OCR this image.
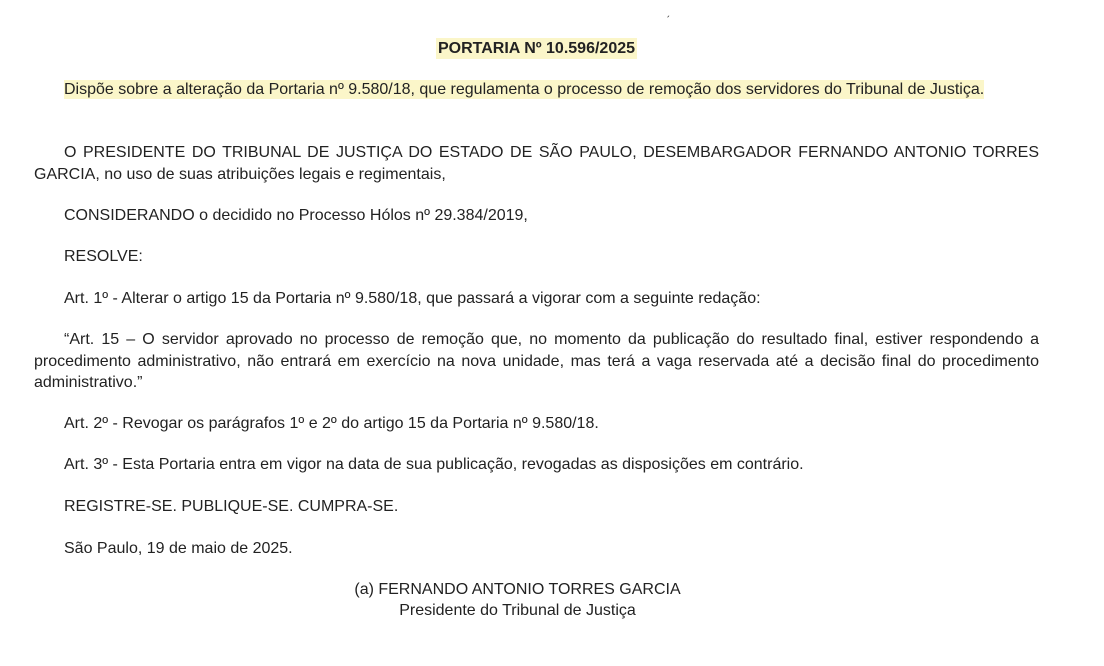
ˏ
PORTARIA Nº 10.596/2025

Dispõe sobre a alteração da Portaria nº 9.580/18, que regulamenta o processo de remoção dos servidores do Tribunal de Justiça.

O PRESIDENTE DO TRIBUNAL DE JUSTIÇA DO ESTADO DE SÃO PAULO, DESEMBARGADOR FERNANDO ANTONIO TORRES GARCIA, no uso de suas atribuições legais e regimentais,

CONSIDERANDO o decidido no Processo Hólos nº 29.384/2019,

RESOLVE:

Art. 1º - Alterar o artigo 15 da Portaria nº 9.580/18, que passará a vigorar com a seguinte redação:

“Art. 15 – O servidor aprovado no processo de remoção que, no momento da publicação do resultado final, estiver respondendo a procedimento administrativo, não entrará em exercício na nova unidade, mas terá a vaga reservada até a decisão final do procedimento administrativo.”

Art. 2º - Revogar os parágrafos 1º e 2º do artigo 15 da Portaria nº 9.580/18.

Art. 3º - Esta Portaria entra em vigor na data de sua publicação, revogadas as disposições em contrário.

REGISTRE-SE. PUBLIQUE-SE. CUMPRA-SE.

São Paulo, 19 de maio de 2025.

(a) FERNANDO ANTONIO TORRES GARCIA
Presidente do Tribunal de Justiça
